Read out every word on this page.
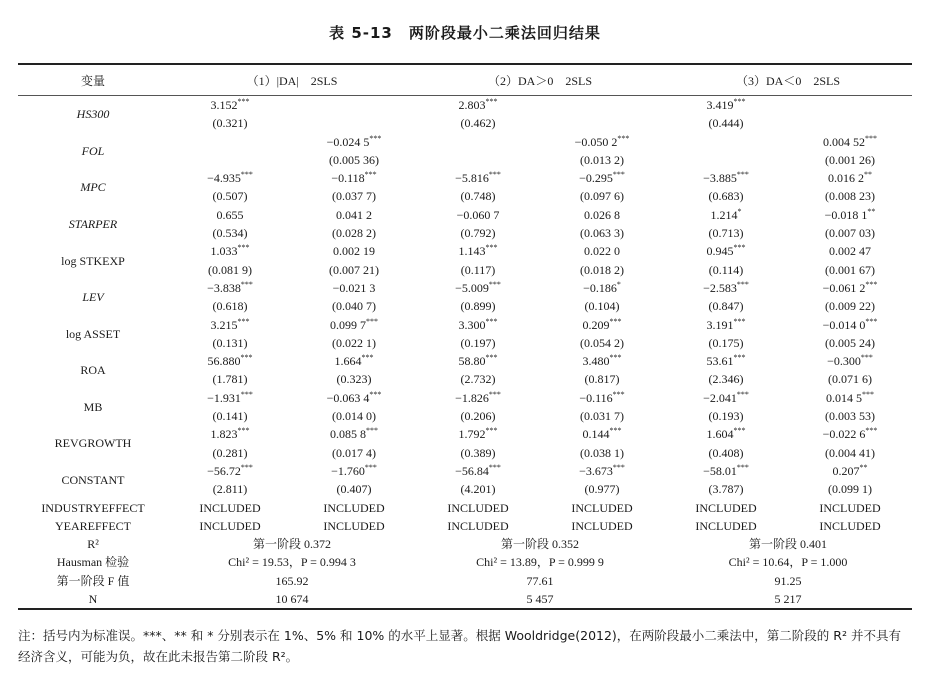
表 5-13　两阶段最小二乘法回归结果
变量	（1）|DA|　2SLS		（2）DA＞0　2SLS		（3）DA＜0　2SLS	
HS300	3.152***		2.803***		3.419***	
	(0.321)		(0.462)		(0.444)	
FOL		−0.024 5***		−0.050 2***		0.004 52***
		(0.005 36)		(0.013 2)		(0.001 26)
MPC	−4.935***	−0.118***	−5.816***	−0.295***	−3.885***	0.016 2**
	(0.507)	(0.037 7)	(0.748)	(0.097 6)	(0.683)	(0.008 23)
STARPER	0.655	0.041 2	−0.060 7	0.026 8	1.214*	−0.018 1**
	(0.534)	(0.028 2)	(0.792)	(0.063 3)	(0.713)	(0.007 03)
log STKEXP	1.033***	0.002 19	1.143***	0.022 0	0.945***	0.002 47
	(0.081 9)	(0.007 21)	(0.117)	(0.018 2)	(0.114)	(0.001 67)
LEV	−3.838***	−0.021 3	−5.009***	−0.186*	−2.583***	−0.061 2***
	(0.618)	(0.040 7)	(0.899)	(0.104)	(0.847)	(0.009 22)
log ASSET	3.215***	0.099 7***	3.300***	0.209***	3.191***	−0.014 0***
	(0.131)	(0.022 1)	(0.197)	(0.054 2)	(0.175)	(0.005 24)
ROA	56.880***	1.664***	58.80***	3.480***	53.61***	−0.300***
	(1.781)	(0.323)	(2.732)	(0.817)	(2.346)	(0.071 6)
MB	−1.931***	−0.063 4***	−1.826***	−0.116***	−2.041***	0.014 5***
	(0.141)	(0.014 0)	(0.206)	(0.031 7)	(0.193)	(0.003 53)
REVGROWTH	1.823***	0.085 8***	1.792***	0.144***	1.604***	−0.022 6***
	(0.281)	(0.017 4)	(0.389)	(0.038 1)	(0.408)	(0.004 41)
CONSTANT	−56.72***	−1.760***	−56.84***	−3.673***	−58.01***	0.207**
	(2.811)	(0.407)	(4.201)	(0.977)	(3.787)	(0.099 1)
INDUSTRYEFFECT	INCLUDED	INCLUDED	INCLUDED	INCLUDED	INCLUDED	INCLUDED
YEAREFFECT	INCLUDED	INCLUDED	INCLUDED	INCLUDED	INCLUDED	INCLUDED
R²	第一阶段 0.372		第一阶段 0.352		第一阶段 0.401	
Hausman 检验	Chi² = 19.53，P = 0.994 3		Chi² = 13.89，P = 0.999 9		Chi² = 10.64，P = 1.000	
第一阶段 F 值	165.92		77.61		91.25	
N	10 674		5 457		5 217	
注：括号内为标准误。***、** 和 * 分别表示在 1%、5% 和 10% 的水平上显著。根据 Wooldridge(2012)，在两阶段最小二乘法中，第二阶段的 R² 并不具有经济含义，可能为负，故在此未报告第二阶段 R²。
